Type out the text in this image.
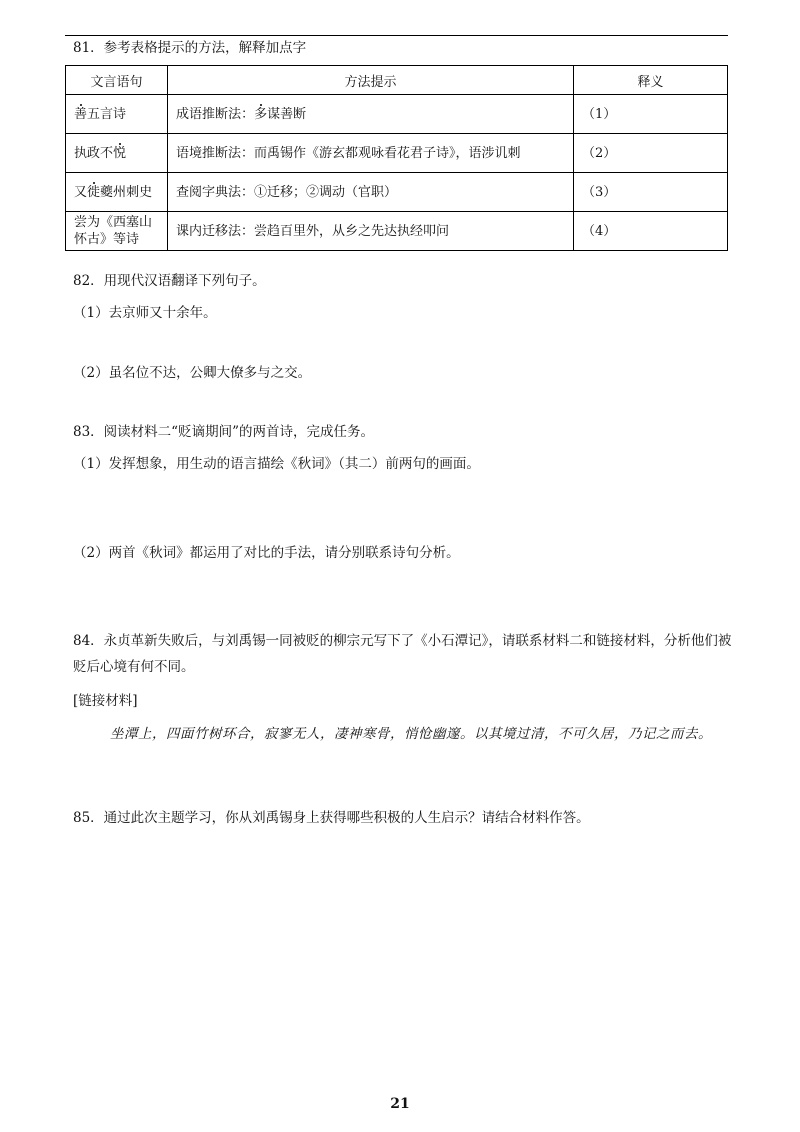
81．参考表格提示的方法，解释加点字
文言语句	方法提示	释义
善五言诗	成语推断法：多谋善断	（1）
执政不悦	语境推断法：而禹锡作《游玄都观咏看花君子诗》，语涉讥刺	（2）
又徙夔州刺史	查阅字典法：①迁移；②调动（官职）	（3）

尝为《西塞山
怀古》等诗	课内迁移法：尝趋百里外，从乡之先达执经叩问	（4）
82．用现代汉语翻译下列句子。
（1）去京师又十余年。
（2）虽名位不达，公卿大僚多与之交。
83．阅读材料二“贬谪期间”的两首诗，完成任务。
（1）发挥想象，用生动的语言描绘《秋词》（其二）前两句的画面。
（2）两首《秋词》都运用了对比的手法，请分别联系诗句分析。
84．永贞革新失败后，与刘禹锡一同被贬的柳宗元写下了《小石潭记》，请联系材料二和链接材料，分析他们被贬后心境有何不同。
[链接材料]
坐潭上，四面竹树环合，寂寥无人，凄神寒骨，悄怆幽邃。以其境过清，不可久居，乃记之而去。
85．通过此次主题学习，你从刘禹锡身上获得哪些积极的人生启示？请结合材料作答。
21
